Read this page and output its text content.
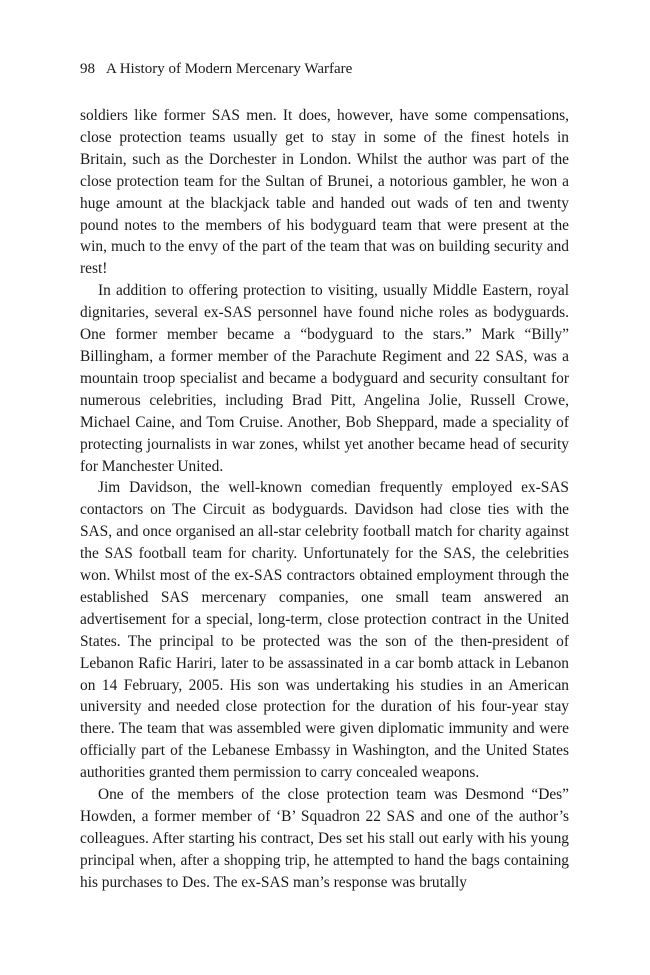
98 A History of Modern Mercenary Warfare

soldiers like former SAS men. It does, however, have some compensations, close protection teams usually get to stay in some of the finest hotels in Britain, such as the Dorchester in London. Whilst the author was part of the close protection team for the Sultan of Brunei, a notorious gambler, he won a huge amount at the blackjack table and handed out wads of ten and twenty pound notes to the members of his bodyguard team that were present at the win, much to the envy of the part of the team that was on building security and rest!

In addition to offering protection to visiting, usually Middle Eastern, royal dignitaries, several ex-SAS personnel have found niche roles as bodyguards. One former member became a “bodyguard to the stars.” Mark “Billy” Billingham, a former member of the Parachute Regiment and 22 SAS, was a mountain troop specialist and became a bodyguard and security consultant for numerous celebrities, including Brad Pitt, Angelina Jolie, Russell Crowe, Michael Caine, and Tom Cruise. Another, Bob Sheppard, made a speciality of protecting journalists in war zones, whilst yet another became head of security for Manchester United.

Jim Davidson, the well-known comedian frequently employed ex-SAS contactors on The Circuit as bodyguards. Davidson had close ties with the SAS, and once organised an all-star celebrity football match for charity against the SAS football team for charity. Unfortunately for the SAS, the celebrities won. Whilst most of the ex-SAS contractors obtained employment through the established SAS mercenary companies, one small team answered an advertisement for a special, long-term, close protection contract in the United States. The principal to be protected was the son of the then-president of Lebanon Rafic Hariri, later to be assassinated in a car bomb attack in Lebanon on 14 February, 2005. His son was undertaking his studies in an American university and needed close protection for the duration of his four-year stay there. The team that was assembled were given diplomatic immunity and were officially part of the Lebanese Embassy in Washington, and the United States authorities granted them permission to carry concealed weapons.

One of the members of the close protection team was Desmond “Des” Howden, a former member of ‘B’ Squadron 22 SAS and one of the author’s colleagues. After starting his contract, Des set his stall out early with his young principal when, after a shopping trip, he attempted to hand the bags containing his purchases to Des. The ex-SAS man’s response was brutally
